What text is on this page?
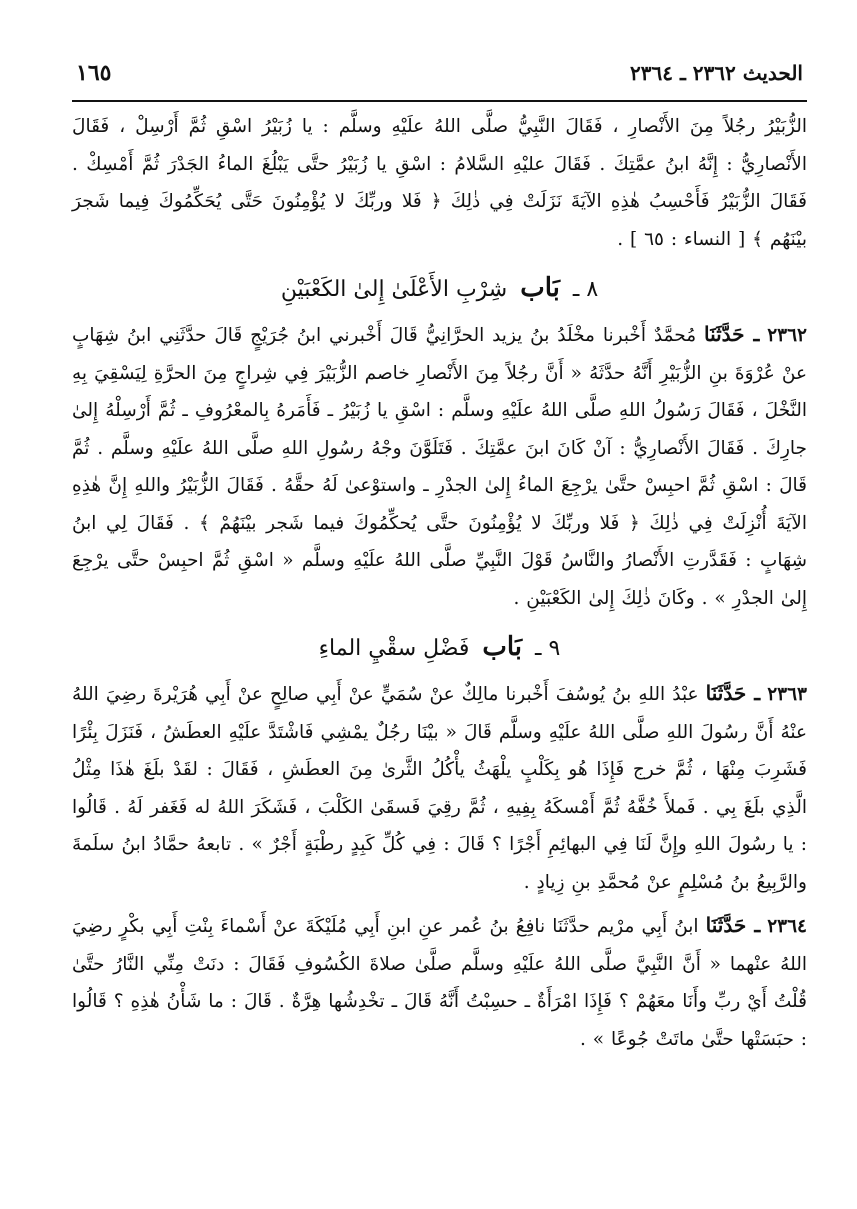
الحديث ٢٣٦٢ ـ ٢٣٦٤
١٦٥

الزُّبَيْرُ رجُلاً مِنَ الأَنْصارِ ، فَقَالَ النَّبِيُّ صلَّى اللهُ علَيْهِ وسلَّم : يا زُبَيْرُ اسْقِ ثُمَّ أَرْسِلْ ، فَقَالَ الأَنْصارِيُّ : إِنَّهُ ابنُ عمَّتِكَ . فَقَالَ عليْهِ السَّلامُ : اسْقِ يا زُبَيْرُ حتَّى يَبْلُغَ الماءُ الجَدْرَ ثُمَّ أَمْسِكْ . فَقَالَ الزُّبَيْرُ فَأَحْسِبُ هٰذِهِ الآيَةَ نَزَلَتْ فِي ذٰلِكَ ﴿ فَلا وربِّكَ لا يُؤْمِنُونَ حَتَّى يُحَكِّمُوكَ فِيما شَجرَ بيْنَهُم ﴾ [ النساء : ٦٥ ] .

٨ ـ بَاب شِرْبِ الأَعْلَىٰ إِلىٰ الكَعْبَيْنِ

٢٣٦٢ ـ حَدَّثَنَا مُحمَّدٌ أَخْبرنا مخْلَدُ بنُ يزيد الحرَّانِيُّ قَالَ أَخْبرني ابنُ جُرَيْجٍ قَالَ حدَّثَنِي ابنُ شِهَابٍ عنْ عُرْوَةَ بنِ الزُّبَيْرِ أَنَّهُ حدَّثَهُ « أَنَّ رجُلاً مِنَ الأَنْصارِ خاصم الزُّبَيْرَ فِي شِراجٍ مِنَ الحرَّةِ لِيَسْقِيَ بِهِ النَّخْلَ ، فَقَالَ رَسُولُ اللهِ صلَّى اللهُ علَيْهِ وسلَّم : اسْقِ يا زُبَيْرُ ـ فَأَمَرهُ بِالمعْرُوفِ ـ ثُمَّ أَرْسِلْهُ إِلىٰ جارِكَ . فَقَالَ الأَنْصارِيُّ : آنْ كَانَ ابنَ عمَّتِكَ . فَتَلَوَّنَ وجْهُ رسُولِ اللهِ صلَّى اللهُ علَيْهِ وسلَّم . ثُمَّ قَالَ : اسْقِ ثُمَّ احبِسْ حتَّىٰ يرْجِعَ الماءُ إِلىٰ الجدْرِ ـ واستوْعىٰ لَهُ حقَّهُ . فَقَالَ الزُّبَيْرُ واللهِ إِنَّ هٰذِهِ الآيَةَ أُنْزِلَتْ فِي ذٰلِكَ ﴿ فَلا وربِّكَ لا يُؤْمِنُونَ حتَّى يُحكِّمُوكَ فيما شَجر بيْنَهُمْ ﴾ . فَقَالَ لِي ابنُ شِهَابٍ : فَقَدَّرتِ الأَنْصارُ والنَّاسُ قَوْلَ النَّبِيِّ صلَّى اللهُ علَيْهِ وسلَّم « اسْقِ ثُمَّ احبِسْ حتَّى يرْجِعَ إِلىٰ الجدْرِ » . وكَانَ ذٰلِكَ إِلىٰ الكَعْبَيْنِ .

٩ ـ بَاب فَضْلِ سقْيِ الماءِ

٢٣٦٣ ـ حَدَّثَنَا عبْدُ اللهِ بنُ يُوسُفَ أَخْبرنا مالِكٌ عنْ سُمَيٍّ عنْ أَبِي صالِحٍ عنْ أَبِي هُرَيْرةَ رضِيَ اللهُ عنْهُ أَنَّ رسُولَ اللهِ صلَّى اللهُ علَيْهِ وسلَّم قَالَ « بيْنَا رجُلٌ يمْشِي فَاشْتَدَّ علَيْهِ العطَشُ ، فَنَزَلَ بِئْرًا فَشَرِبَ مِنْهَا ، ثُمَّ خرج فَإِذَا هُو بِكَلْبٍ يلْهَثُ يأْكُلُ الثَّرىٰ مِنَ العطَشِ ، فَقَالَ : لقَدْ بلَغَ هٰذَا مِثْلُ الَّذِي بلَغَ بِي . فَملأَ خُفَّهُ ثُمَّ أَمْسكَهُ بِفِيهِ ، ثُمَّ رقِيَ فَسقَىٰ الكَلْبَ ، فَشَكَرَ اللهُ له فَغَفر لَهُ . قَالُوا : يا رسُولَ اللهِ وإِنَّ لَنَا فِي البهائِمِ أَجْرًا ؟ قَالَ : فِي كُلِّ كَبِدٍ رطْبَةٍ أَجْرٌ » . تابعهُ حمَّادُ ابنُ سلَمةَ والرَّبِيعُ بنُ مُسْلِمٍ عنْ مُحمَّدِ بنِ زِيادٍ .

٢٣٦٤ ـ حَدَّثَنَا ابنُ أَبِي مرْيم حدَّثَنَا نافِعُ بنُ عُمر عنِ ابنِ أَبِي مُلَيْكَةَ عنْ أَسْماءَ بِنْتِ أَبِي بكْرٍ رضِيَ اللهُ عنْهما « أَنَّ النَّبِيَّ صلَّى اللهُ علَيْهِ وسلَّم صلَّىٰ صلاةَ الكُسُوفِ فَقَالَ : دنَتْ مِنِّي النَّارُ حتَّىٰ قُلْتُ أَيْ ربِّ وأَنَا معَهُمْ ؟ فَإِذَا امْرَأَةٌ ـ حسِبْتُ أَنَّهُ قَالَ ـ تخْدِشُها هِرَّةٌ . قَالَ : ما شَأْنُ هٰذِهِ ؟ قَالُوا : حبَسَتْها حتَّىٰ ماتَتْ جُوعًا » .
